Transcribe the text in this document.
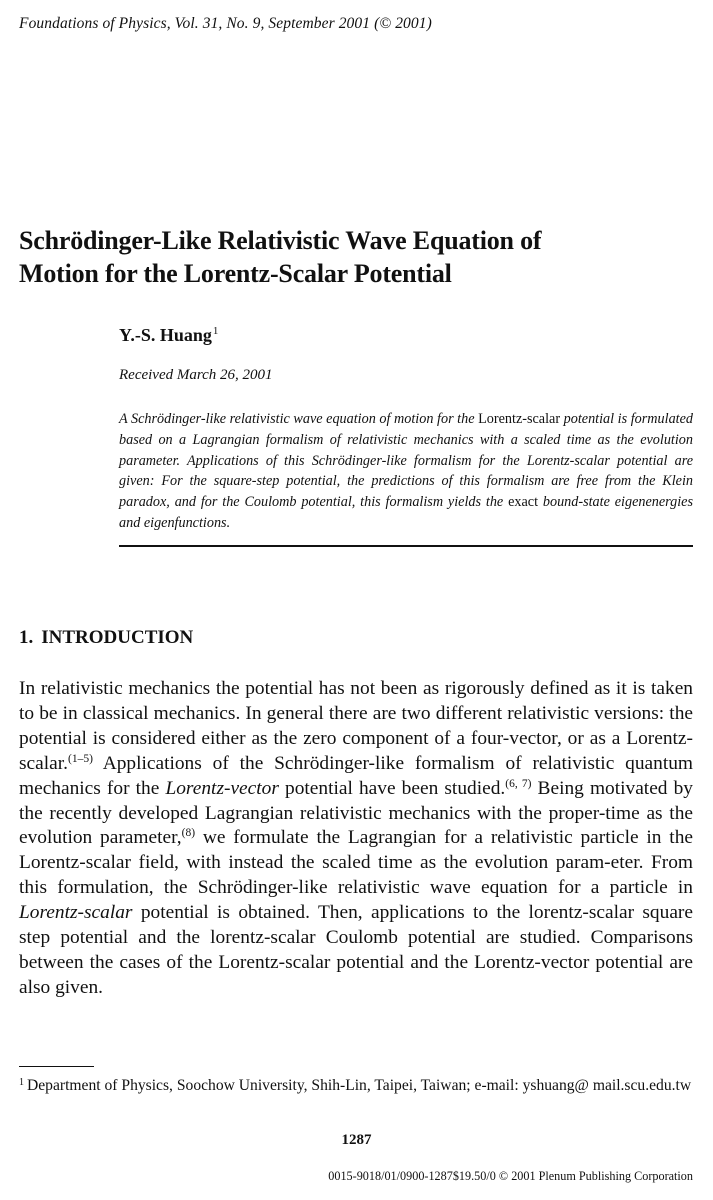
Foundations of Physics, Vol. 31, No. 9, September 2001 (© 2001)
Schrödinger-Like Relativistic Wave Equation of
Motion for the Lorentz-Scalar Potential
Y.-S. Huang$^1$
Received March 26, 2001
A Schrödinger-like relativistic wave equation of motion for the Lorentz-scalar potential is formulated based on a Lagrangian formalism of relativistic mechanics with a scaled time as the evolution parameter. Applications of this Schrödinger-like formalism for the Lorentz-scalar potential are given: For the square-step potential, the predictions of this formalism are free from the Klein paradox, and for the Coulomb potential, this formalism yields the exact bound-state eigenenergies and eigenfunctions.
1. INTRODUCTION
In relativistic mechanics the potential has not been as rigorously defined as it is taken to be in classical mechanics. In general there are two different relativistic versions: the potential is considered either as the zero component of a four-vector, or as a Lorentz-scalar.$^{(1-5)}$ Applications of the Schrödinger-like formalism of relativistic quantum mechanics for the Lorentz-vector potential have been studied.$^{(6, 7)}$ Being motivated by the recently developed Lagrangian relativistic mechanics with the proper-time as the evolution parameter,$^{(8)}$ we formulate the Lagrangian for a relativistic particle in the Lorentz-scalar field, with instead the scaled time as the evolution param-eter. From this formulation, the Schrödinger-like relativistic wave equation for a particle in Lorentz-scalar potential is obtained. Then, applications to the lorentz-scalar square step potential and the lorentz-scalar Coulomb potential are studied. Comparisons between the cases of the Lorentz-scalar potential and the Lorentz-vector potential are also given.
$^1$ Department of Physics, Soochow University, Shih-Lin, Taipei, Taiwan; e-mail: yshuang@ mail.scu.edu.tw
1287
0015-9018/01/0900-1287$19.50/0 © 2001 Plenum Publishing Corporation
